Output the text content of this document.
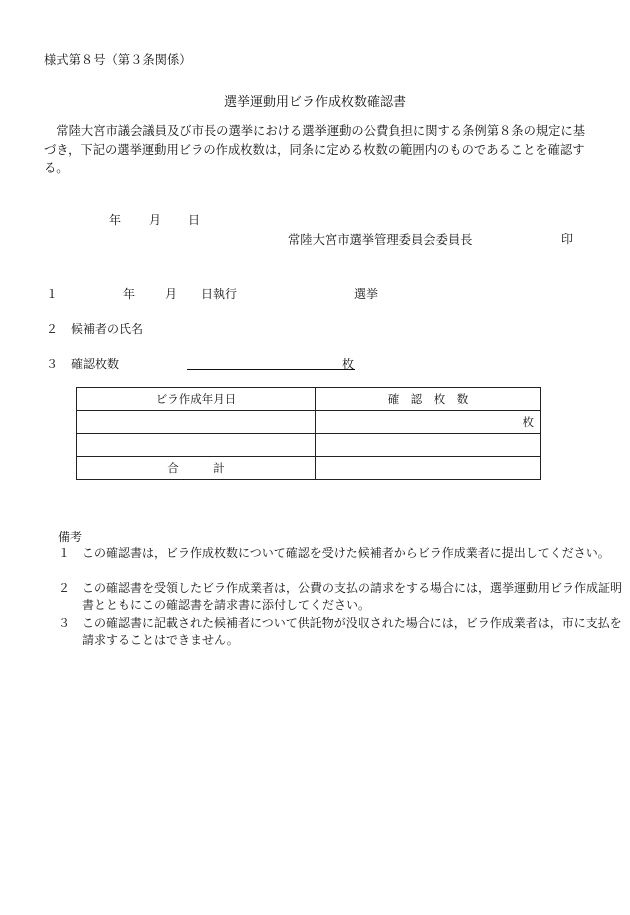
様式第８号（第３条関係）
選挙運動用ビラ作成枚数確認書
常陸大宮市議会議員及び市長の選挙における選挙運動の公費負担に関する条例第８条の規定に基づき，下記の選挙運動用ビラの作成枚数は，同条に定める枚数の範囲内のものであることを確認する。
年 月 日
常陸大宮市選挙管理委員会委員長	印
１	年 月 日執行	選挙
２ 候補者の氏名
３ 確認枚数	枚
ビラ作成年月日	確　認　枚　数
	枚

合　　　計	
備考
１ この確認書は，ビラ作成枚数について確認を受けた候補者からビラ作成業者に提出してください。
２ この確認書を受領したビラ作成業者は，公費の支払の請求をする場合には，選挙運動用ビラ作成証明書とともにこの確認書を請求書に添付してください。
３ この確認書に記載された候補者について供託物が没収された場合には，ビラ作成業者は，市に支払を請求することはできません。
